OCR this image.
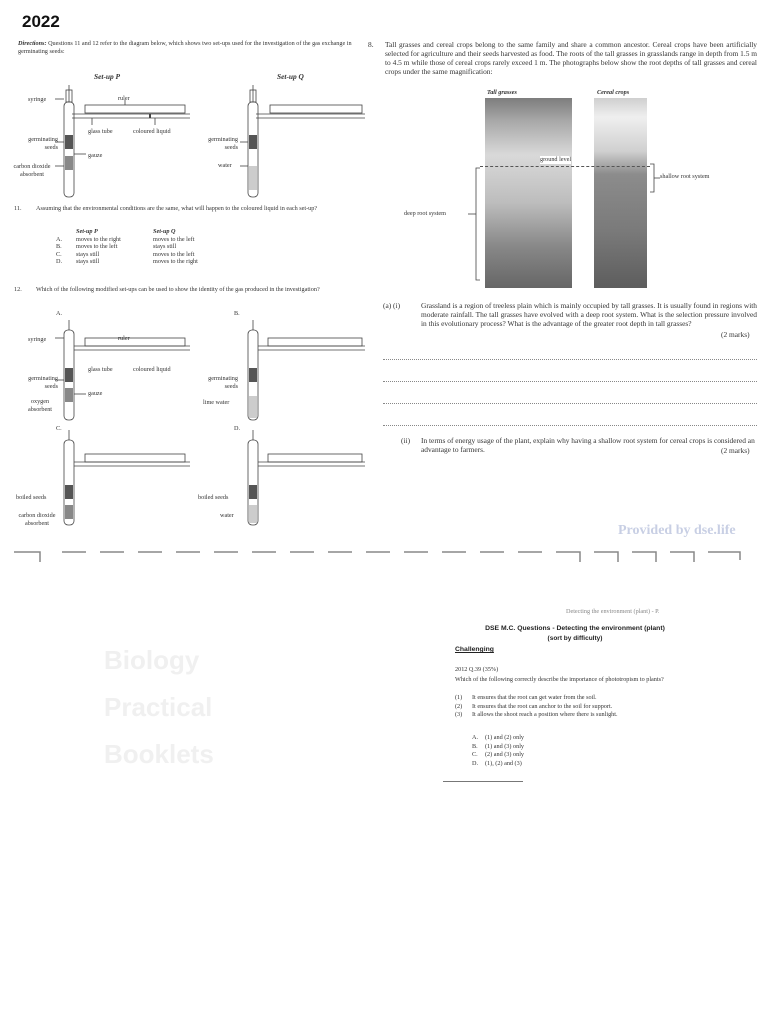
2022
Directions: Questions 11 and 12 refer to the diagram below, which shows two set-ups used for the investigation of the gas exchange in germinating seeds:
Set-up P	Set-up Q
syringe	ruler
glass tube	coloured liquid
germinating seeds
gauze
carbon dioxide absorbent
germinating seeds
water
11. Assuming that the environmental conditions are the same, what will happen to the coloured liquid in each set-up?
Set-up P	Set-up Q
A.	moves to the right	moves to the left
B.	moves to the left	stays still
C.	stays still	moves to the left
D.	stays still	moves to the right
12. Which of the following modified set-ups can be used to show the identity of the gas produced in the investigation?
A.	B.
C.	D.
syringe	ruler
glass tube	coloured liquid
germinating seeds
gauze
oxygen absorbent
germinating seeds
lime water
boiled seeds
carbon dioxide absorbent
boiled seeds
water
8. Tall grasses and cereal crops belong to the same family and share a common ancestor. Cereal crops have been artificially selected for agriculture and their seeds harvested as food. The roots of the tall grasses in grasslands range in depth from 1.5 m to 4.5 m while those of cereal crops rarely exceed 1 m. The photographs below show the root depths of tall grasses and cereal crops under the same magnification:
Tall grasses	Cereal crops
ground level
shallow root system
deep root system
(a) (i)	Grassland is a region of treeless plain which is mainly occupied by tall grasses. It is usually found in regions with moderate rainfall. The tall grasses have evolved with a deep root system. What is the selection pressure involved in this evolutionary process? What is the advantage of the greater root depth in tall grasses?
(2 marks)
(ii) In terms of energy usage of the plant, explain why having a shallow root system for cereal crops is considered an advantage to farmers.	(2 marks)
Provided by dse.life
Biology
Practical
Booklets
Detecting the environment (plant) - P.
DSE M.C. Questions - Detecting the environment (plant)
(sort by difficulty)
Challenging
2012 Q.39 (35%)
Which of the following correctly describe the importance of phototropism to plants?
(1)	It ensures that the root can get water from the soil.
(2)	It ensures that the root can anchor to the soil for support.
(3)	It allows the shoot reach a position where there is sunlight.
A.	(1) and (2) only
B.	(1) and (3) only
C.	(2) and (3) only
D.	(1), (2) and (3)
